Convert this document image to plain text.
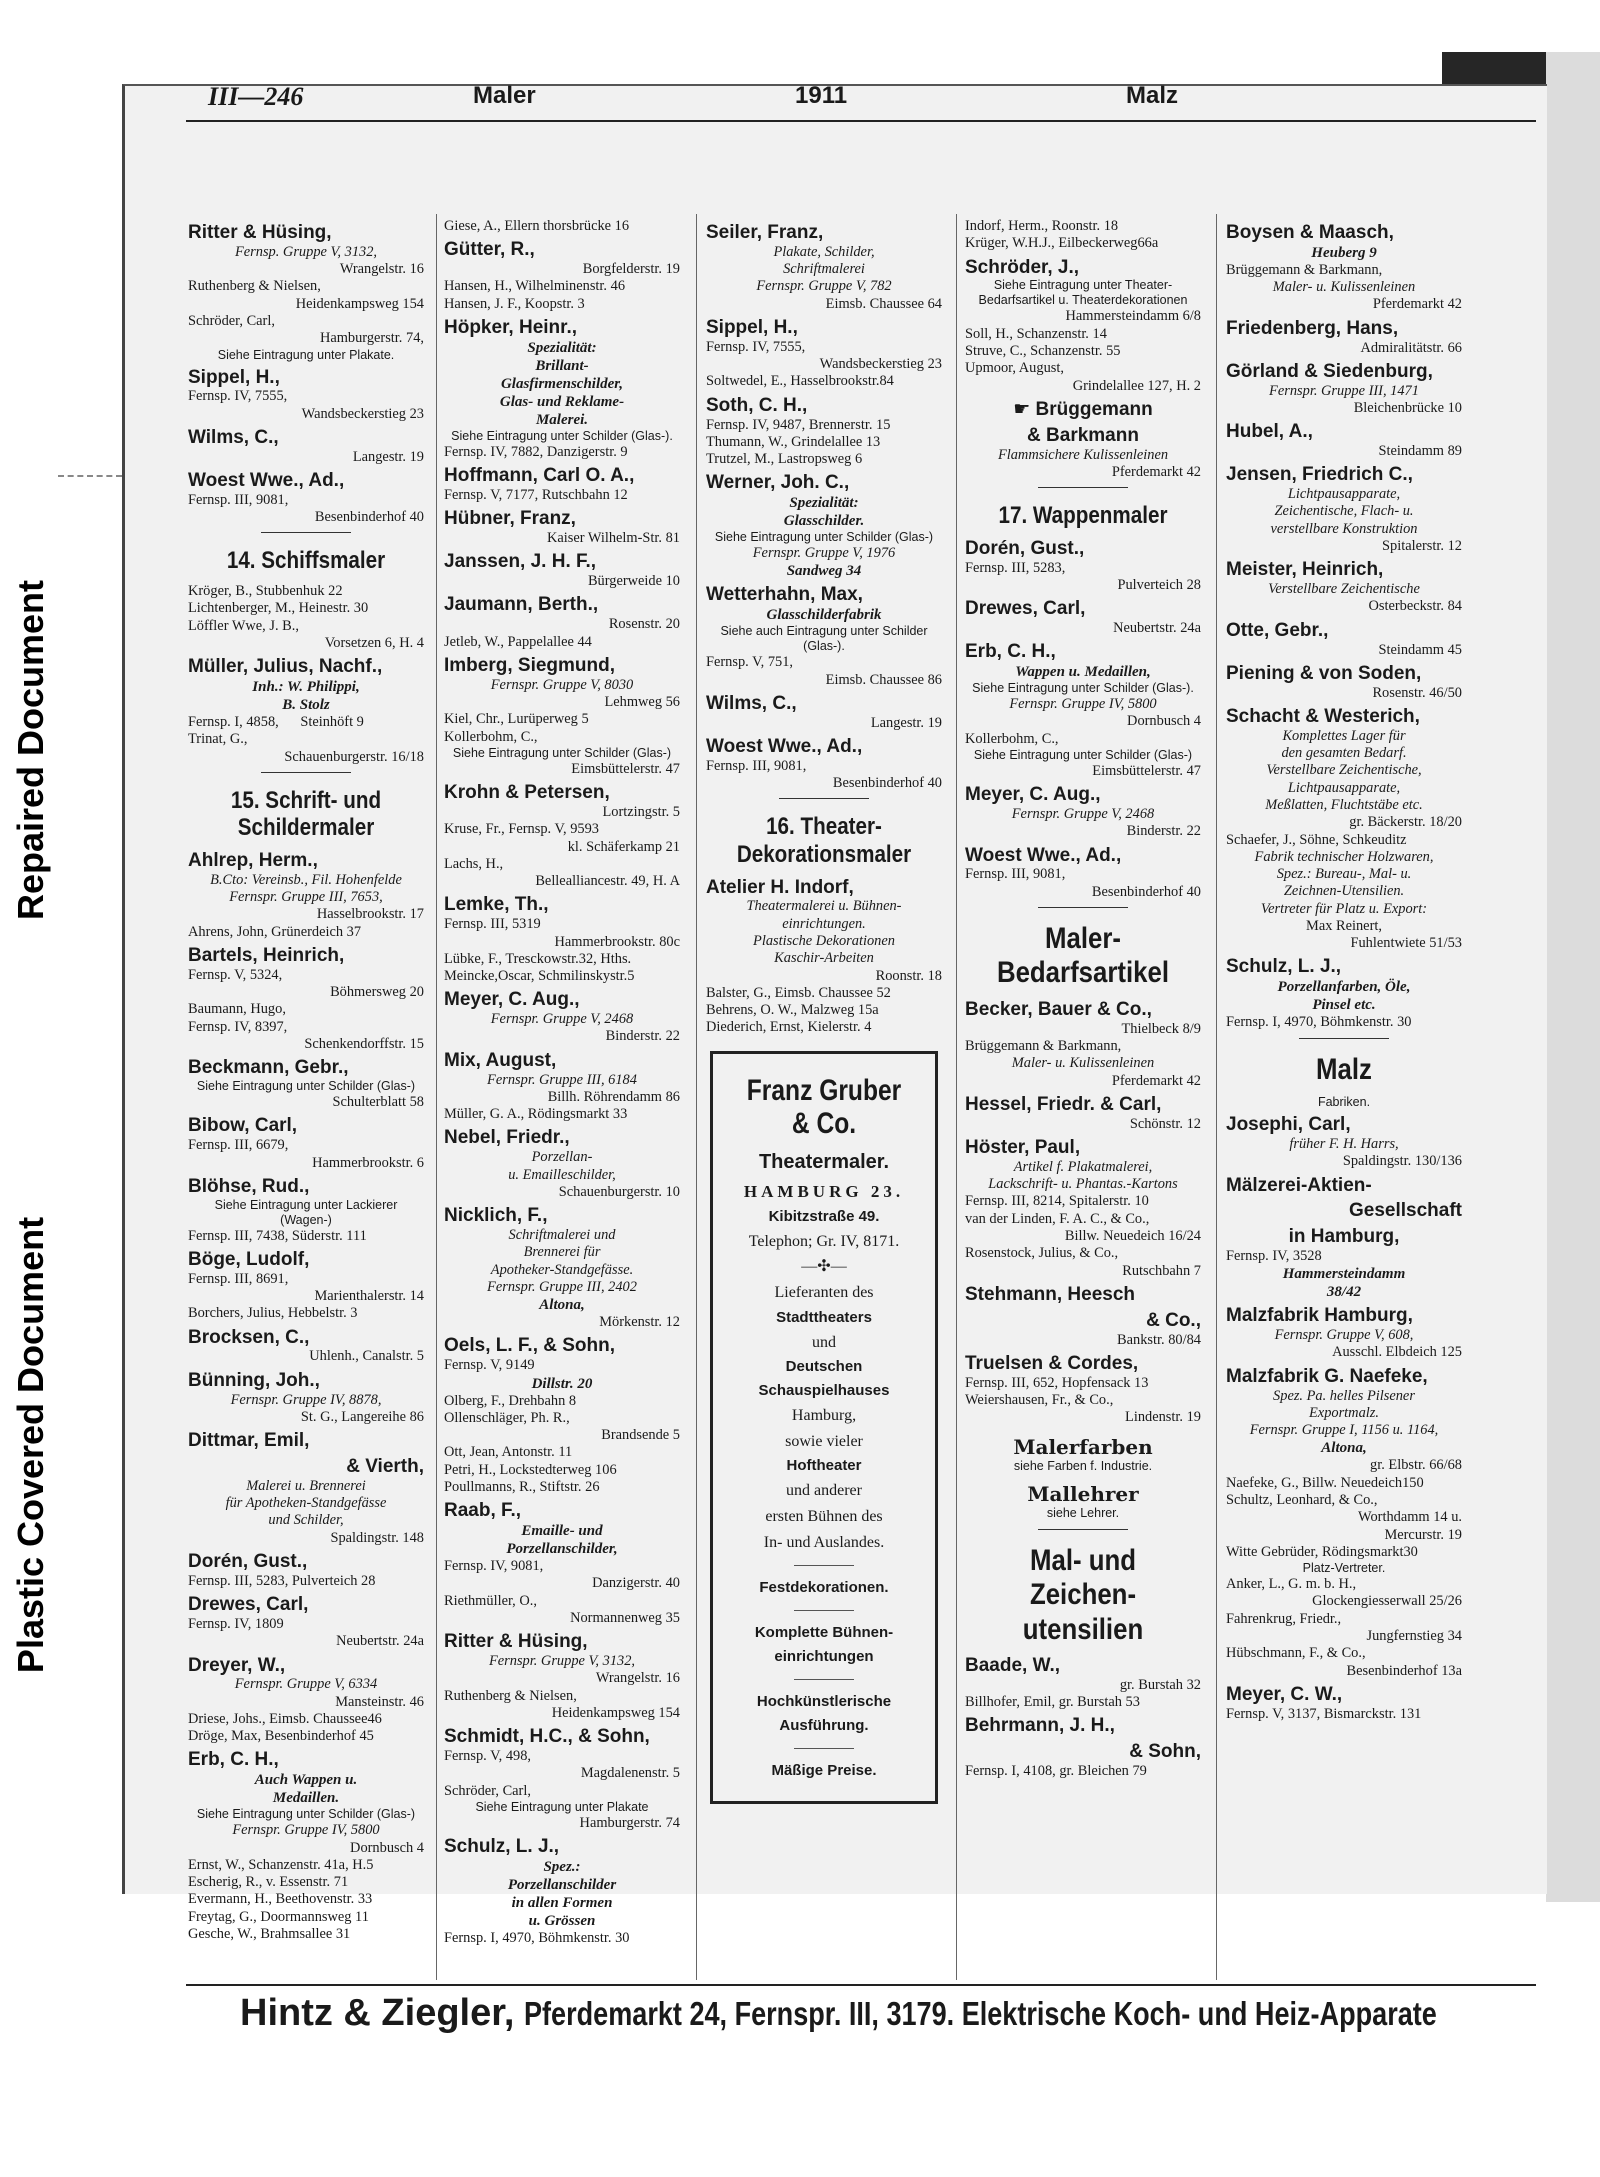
Repaired Document
Plastic Covered Document
III—246	Maler	1911	Malz
Ritter & Hüsing,
Fernsp. Gruppe V, 3132,
Wrangelstr. 16
Ruthenberg & Nielsen,
Heidenkampsweg 154
Schröder, Carl,
Hamburgerstr. 74,
Siehe Eintragung unter Plakate.
Sippel, H.,
Fernsp. IV, 7555,
Wandsbeckerstieg 23
Wilms, C.,
Langestr. 19
Woest Wwe., Ad.,
Fernsp. III, 9081,
Besenbinderhof 40
14. Schiffsmaler
Kröger, B., Stubbenhuk 22
Lichtenberger, M., Heinestr. 30
Löffler Wwe, J. B.,
Vorsetzen 6, H. 4
Müller, Julius, Nachf.,
Inh.: W. Philippi,
B. Stolz
Fernsp. I, 4858,      Steinhöft 9
Trinat, G.,
Schauenburgerstr. 16/18
15. Schrift- und Schildermaler
Ahlrep, Herm.,
B.Cto: Vereinsb., Fil. Hohenfelde
Fernspr. Gruppe III, 7653,
Hasselbrookstr. 17
Ahrens, John, Grünerdeich 37
Bartels, Heinrich,
Fernsp. V, 5324,
Böhmersweg 20
Baumann, Hugo,
Fernsp. IV, 8397,
Schenkendorffstr. 15
Beckmann, Gebr.,
Siehe Eintragung unter Schilder (Glas-)
Schulterblatt 58
Bibow, Carl,
Fernsp. III, 6679,
Hammerbrookstr. 6
Blöhse, Rud.,
Siehe Eintragung unter Lackierer (Wagen-)
Fernsp. III, 7438, Süderstr. 111
Böge, Ludolf,
Fernsp. III, 8691,
Marienthalerstr. 14
Borchers, Julius, Hebbelstr. 3
Brocksen, C.,
Uhlenh., Canalstr. 5
Bünning, Joh.,
Fernspr. Gruppe IV, 8878,
St. G., Langereihe 86
Dittmar, Emil,
& Vierth,
Malerei u. Brennerei
für Apotheken-Standgefässe
und Schilder,
Spaldingstr. 148
Dorén, Gust.,
Fernsp. III, 5283, Pulverteich 28
Drewes, Carl,
Fernsp. IV, 1809
Neubertstr. 24a
Dreyer, W.,
Fernspr. Gruppe V, 6334
Mansteinstr. 46
Driese, Johs., Eimsb. Chaussee46
Dröge, Max, Besenbinderhof 45
Erb, C. H.,
Auch Wappen u.
Medaillen.
Siehe Eintragung unter Schilder (Glas-)
Fernspr. Gruppe IV, 5800
Dornbusch 4
Ernst, W., Schanzenstr. 41a, H.5
Escherig, R., v. Essenstr. 71
Evermann, H., Beethovenstr. 33
Freytag, G., Doormannsweg 11
Gesche, W., Brahmsallee 31
Giese, A., Ellern thorsbrücke 16
Gütter, R.,
Borgfelderstr. 19
Hansen, H., Wilhelminenstr. 46
Hansen, J. F., Koopstr. 3
Höpker, Heinr.,
Spezialität:
Brillant-
Glasfirmenschilder,
Glas- und Reklame-
Malerei.
Siehe Eintragung unter Schilder (Glas-).
Fernsp. IV, 7882, Danzigerstr. 9
Hoffmann, Carl O. A.,
Fernsp. V, 7177, Rutschbahn 12
Hübner, Franz,
Kaiser Wilhelm-Str. 81
Janssen, J. H. F.,
Bürgerweide 10
Jaumann, Berth.,
Rosenstr. 20
Jetleb, W., Pappelallee 44
Imberg, Siegmund,
Fernspr. Gruppe V, 8030
Lehmweg 56
Kiel, Chr., Lurüperweg 5
Kollerbohm, C.,
Siehe Eintragung unter Schilder (Glas-)
Eimsbüttelerstr. 47
Krohn & Petersen,
Lortzingstr. 5
Kruse, Fr., Fernsp. V, 9593
kl. Schäferkamp 21
Lachs, H.,
Bellealliancestr. 49, H. A
Lemke, Th.,
Fernsp. III, 5319
Hammerbrookstr. 80c
Lübke, F., Tresckowstr.32, Hths.
Meincke,Oscar, Schmilinskystr.5
Meyer, C. Aug.,
Fernspr. Gruppe V, 2468
Binderstr. 22
Mix, August,
Fernspr. Gruppe III, 6184
Billh. Röhrendamm 86
Müller, G. A., Rödingsmarkt 33
Nebel, Friedr.,
Porzellan-
u. Emailleschilder,
Schauenburgerstr. 10
Nicklich, F.,
Schriftmalerei und
Brennerei für
Apotheker-Standgefässe.
Fernspr. Gruppe III, 2402
Altona,
Mörkenstr. 12
Oels, L. F., & Sohn,
Fernsp. V, 9149
Dillstr. 20
Olberg, F., Drehbahn 8
Ollenschläger, Ph. R.,
Brandsende 5
Ott, Jean, Antonstr. 11
Petri, H., Lockstedterweg 106
Poullmanns, R., Stiftstr. 26
Raab, F.,
Emaille- und
Porzellanschilder,
Fernsp. IV, 9081,
Danzigerstr. 40
Riethmüller, O.,
Normannenweg 35
Ritter & Hüsing,
Fernspr. Gruppe V, 3132,
Wrangelstr. 16
Ruthenberg & Nielsen,
Heidenkampsweg 154
Schmidt, H.C., & Sohn,
Fernsp. V, 498,
Magdalenenstr. 5
Schröder, Carl,
Siehe Eintragung unter Plakate
Hamburgerstr. 74
Schulz, L. J.,
Spez.:
Porzellanschilder
in allen Formen
u. Grössen
Fernsp. I, 4970, Böhmkenstr. 30
Seiler, Franz,
Plakate, Schilder,
Schriftmalerei
Fernspr. Gruppe V, 782
Eimsb. Chaussee 64
Sippel, H.,
Fernsp. IV, 7555,
Wandsbeckerstieg 23
Soltwedel, E., Hasselbrookstr.84
Soth, C. H.,
Fernsp. IV, 9487, Brennerstr. 15
Thumann, W., Grindelallee 13
Trutzel, M., Lastropsweg 6
Werner, Joh. C.,
Spezialität:
Glasschilder.
Siehe Eintragung unter Schilder (Glas-)
Fernspr. Gruppe V, 1976
Sandweg 34
Wetterhahn, Max,
Glasschilderfabrik
Siehe auch Eintragung unter Schilder (Glas-).
Fernsp. V, 751,
Eimsb. Chaussee 86
Wilms, C.,
Langestr. 19
Woest Wwe., Ad.,
Fernsp. III, 9081,
Besenbinderhof 40
16. Theater- Dekorationsmaler
Atelier H. Indorf,
Theatermalerei u. Bühnen-
einrichtungen.
Plastische Dekorationen
Kaschir-Arbeiten
Roonstr. 18
Balster, G., Eimsb. Chaussee 52
Behrens, O. W., Malzweg 15a
Diederich, Ernst, Kielerstr. 4
Franz Gruber & Co.
Theatermaler.
HAMBURG 23.
Kibitzstraße 49.
Telephon; Gr. IV, 8171.
—✣—
Lieferanten des
Stadttheaters
und
Deutschen
Schauspielhauses
Hamburg,
sowie vieler
Hoftheater
und anderer
ersten Bühnen des
In- und Auslandes.
Festdekorationen.
Komplette Bühnen- einrichtungen
Hochkünstlerische Ausführung.
Mäßige Preise.
Indorf, Herm., Roonstr. 18
Krüger, W.H.J., Eilbeckerweg66a
Schröder, J.,
Siehe Eintragung unter Theater-Bedarfsartikel u. Theaterdekorationen
Hammersteindamm 6/8
Soll, H., Schanzenstr. 14
Struve, C., Schanzenstr. 55
Upmoor, August,
Grindelallee 127, H. 2
☛ Brüggemann
& Barkmann
Flammsichere Kulissenleinen
Pferdemarkt 42
17. Wappenmaler
Dorén, Gust.,
Fernsp. III, 5283,
Pulverteich 28
Drewes, Carl,
Neubertstr. 24a
Erb, C. H.,
Wappen u. Medaillen,
Siehe Eintragung unter Schilder (Glas-).
Fernspr. Gruppe IV, 5800
Dornbusch 4
Kollerbohm, C.,
Siehe Eintragung unter Schilder (Glas-)
Eimsbüttelerstr. 47
Meyer, C. Aug.,
Fernspr. Gruppe V, 2468
Binderstr. 22
Woest Wwe., Ad.,
Fernsp. III, 9081,
Besenbinderhof 40
Maler- Bedarfsartikel
Becker, Bauer & Co.,
Thielbeck 8/9
Brüggemann & Barkmann,
Maler- u. Kulissenleinen
Pferdemarkt 42
Hessel, Friedr. & Carl,
Schönstr. 12
Höster, Paul,
Artikel f. Plakatmalerei,
Lackschrift- u. Phantas.-Kartons
Fernsp. III, 8214, Spitalerstr. 10
van der Linden, F. A. C., & Co.,
Billw. Neuedeich 16/24
Rosenstock, Julius, & Co.,
Rutschbahn 7
Stehmann, Heesch
& Co.,
Bankstr. 80/84
Truelsen & Cordes,
Fernsp. III, 652, Hopfensack 13
Weiershausen, Fr., & Co.,
Lindenstr. 19
Malerfarben
siehe Farben f. Industrie.
Mallehrer
siehe Lehrer.
Mal- und Zeichen- utensilien
Baade, W.,
gr. Burstah 32
Billhofer, Emil, gr. Burstah 53
Behrmann, J. H.,
& Sohn,
Fernsp. I, 4108, gr. Bleichen 79
Boysen & Maasch,
Heuberg 9
Brüggemann & Barkmann,
Maler- u. Kulissenleinen
Pferdemarkt 42
Friedenberg, Hans,
Admiralitätstr. 66
Görland & Siedenburg,
Fernspr. Gruppe III, 1471
Bleichenbrücke 10
Hubel, A.,
Steindamm 89
Jensen, Friedrich C.,
Lichtpausapparate,
Zeichentische, Flach- u.
verstellbare Konstruktion
Spitalerstr. 12
Meister, Heinrich,
Verstellbare Zeichentische
Osterbeckstr. 84
Otte, Gebr.,
Steindamm 45
Piening & von Soden,
Rosenstr. 46/50
Schacht & Westerich,
Komplettes Lager für
den gesamten Bedarf.
Verstellbare Zeichentische,
Lichtpausapparate,
Meßlatten, Fluchtstäbe etc.
gr. Bäckerstr. 18/20
Schaefer, J., Söhne, Schkeuditz
Fabrik technischer Holzwaren,
Spez.: Bureau-, Mal- u.
Zeichnen-Utensilien.
Vertreter für Platz u. Export:
Max Reinert,
Fuhlentwiete 51/53
Schulz, L. J.,
Porzellanfarben, Öle,
Pinsel etc.
Fernsp. I, 4970, Böhmkenstr. 30
Malz
Fabriken.
Josephi, Carl,
früher F. H. Harrs,
Spaldingstr. 130/136
Mälzerei-Aktien-
Gesellschaft
in Hamburg,
Fernsp. IV, 3528
Hammersteindamm
38/42
Malzfabrik Hamburg,
Fernspr. Gruppe V, 608,
Ausschl. Elbdeich 125
Malzfabrik G. Naefeke,
Spez. Pa. helles Pilsener
Exportmalz.
Fernspr. Gruppe I, 1156 u. 1164,
Altona,
gr. Elbstr. 66/68
Naefeke, G., Billw. Neuedeich150
Schultz, Leonhard, & Co.,
Worthdamm 14 u.
Mercurstr. 19
Witte Gebrüder, Rödingsmarkt30
Platz-Vertreter.
Anker, L., G. m. b. H.,
Glockengiesserwall 25/26
Fahrenkrug, Friedr.,
Jungfernstieg 34
Hübschmann, F., & Co.,
Besenbinderhof 13a
Meyer, C. W.,
Fernsp. V, 3137, Bismarckstr. 131
Hintz & Ziegler, Pferdemarkt 24, Fernspr. III, 3179. Elektrische Koch- und Heiz-Apparate
